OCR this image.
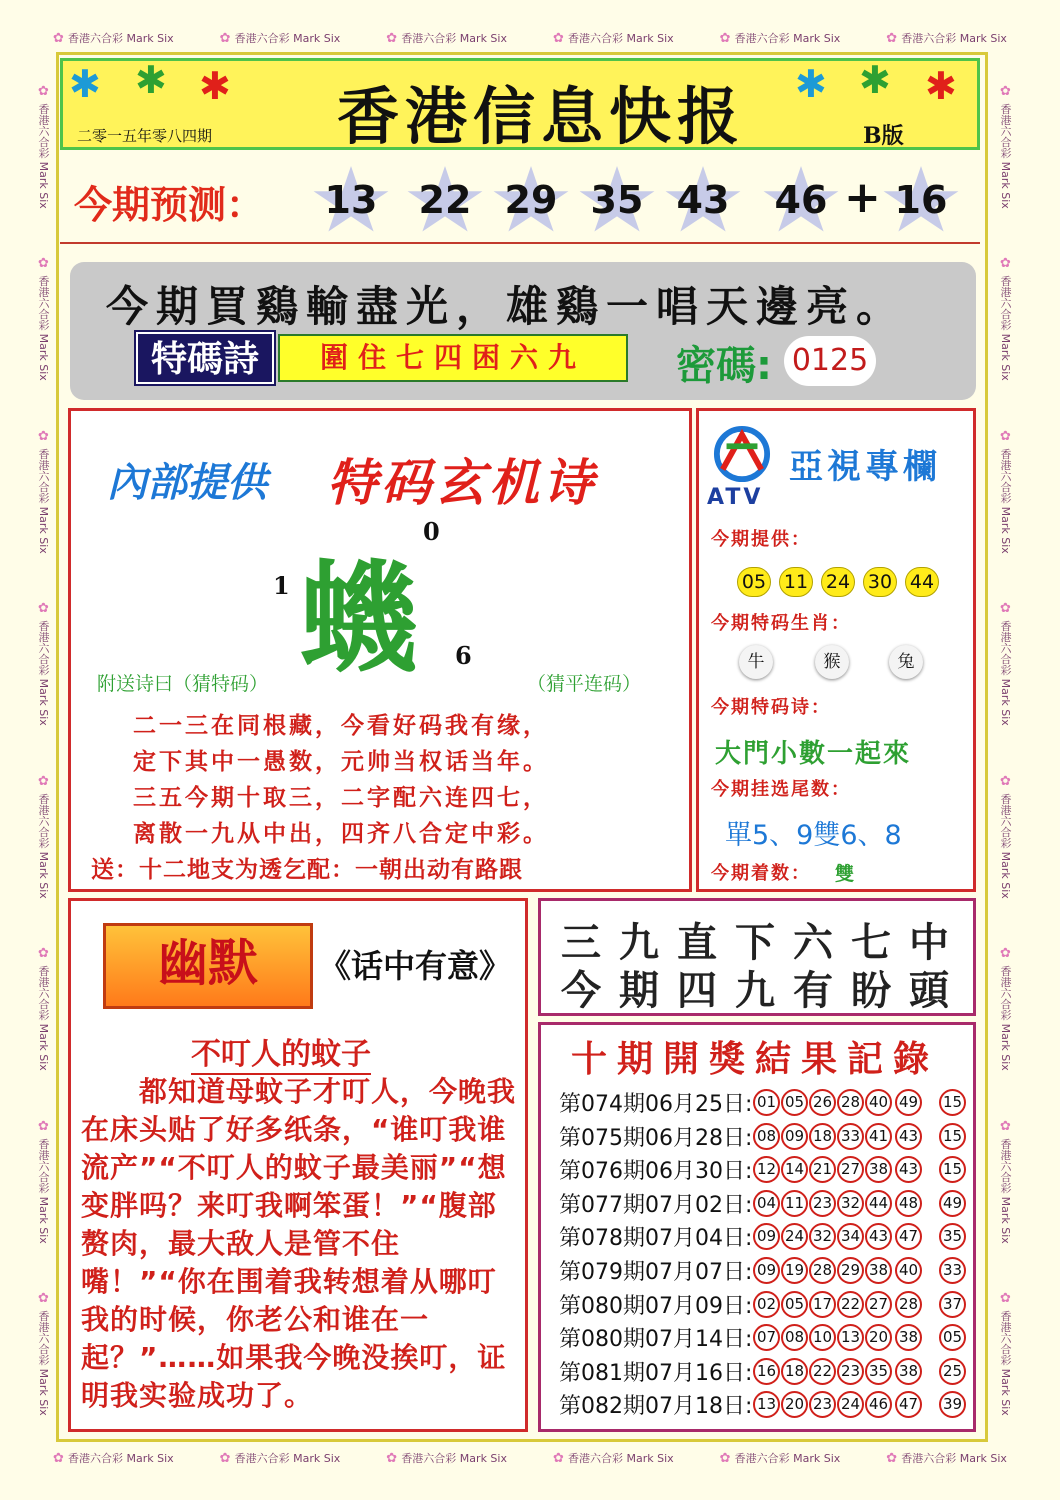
✿ 香港六合彩 Mark Six	✿ 香港六合彩 Mark Six	✿ 香港六合彩 Mark Six	✿ 香港六合彩 Mark Six	✿ 香港六合彩 Mark Six	✿ 香港六合彩 Mark Six
✿ 香港六合彩 Mark Six	✿ 香港六合彩 Mark Six	✿ 香港六合彩 Mark Six	✿ 香港六合彩 Mark Six	✿ 香港六合彩 Mark Six	✿ 香港六合彩 Mark Six
✿ 香港六合彩 Mark Six
✿ 香港六合彩 Mark Six
✿ 香港六合彩 Mark Six
✿ 香港六合彩 Mark Six
✿ 香港六合彩 Mark Six
✿ 香港六合彩 Mark Six
✿ 香港六合彩 Mark Six
✿ 香港六合彩 Mark Six
✿ 香港六合彩 Mark Six
✿ 香港六合彩 Mark Six
✿ 香港六合彩 Mark Six
✿ 香港六合彩 Mark Six
✿ 香港六合彩 Mark Six
✿ 香港六合彩 Mark Six
✿ 香港六合彩 Mark Six
✿ 香港六合彩 Mark Six
✱ ✱ ✱	✱ ✱ ✱
二零一五年零八四期	香港信息快报	B版
今期预测：	13	22 29 35 43	46 + 16
今期買鷄輸盡光，雄鷄一唱天邊亮。
特碼詩	圍住七四困六九	密碼: 0125
內部提供 特码玄机诗
蟣
0
1
6
附送诗曰（猜特码）	（猜平连码）
二一三在同根藏，今看好码我有缘，
定下其中一愚数，元帅当权话当年。
三五今期十取三，二字配六连四七，
离散一九从中出，四齐八合定中彩。
送：十二地支为透乞配：一朝出动有路跟
ATV
亞視專欄
今期提供：
05 11 24 30 44
今期特码生肖：
牛	猴	兔
今期特码诗：
大門小數一起來
今期挂选尾数：
單5、9雙6、8
今期着数： 雙
幽默	《话中有意》
不叮人的蚊子
　　都知道母蚊子才叮人，今晚我在床头贴了好多纸条，“谁叮我谁流产”“不叮人的蚊子最美丽”“想变胖吗？来叮我啊笨蛋！”“腹部赘肉，最大敌人是管不住嘴！”“你在围着我转想着从哪叮我的时候，你老公和谁在一起？”……如果我今晚没挨叮，证明我实验成功了。
三九直下六七中
今期四九有盼頭
十期開獎結果記錄
第074期06月25日: 01 05 26 28 40 49 15
第075期06月28日: 08 09 18 33 41 43 15
第076期06月30日: 12 14 21 27 38 43 15
第077期07月02日: 04 11 23 32 44 48 49
第078期07月04日: 09 24 32 34 43 47 35
第079期07月07日: 09 19 28 29 38 40 33
第080期07月09日: 02 05 17 22 27 28 37
第080期07月14日: 07 08 10 13 20 38 05
第081期07月16日: 16 18 22 23 35 38 25
第082期07月18日: 13 20 23 24 46 47 39
